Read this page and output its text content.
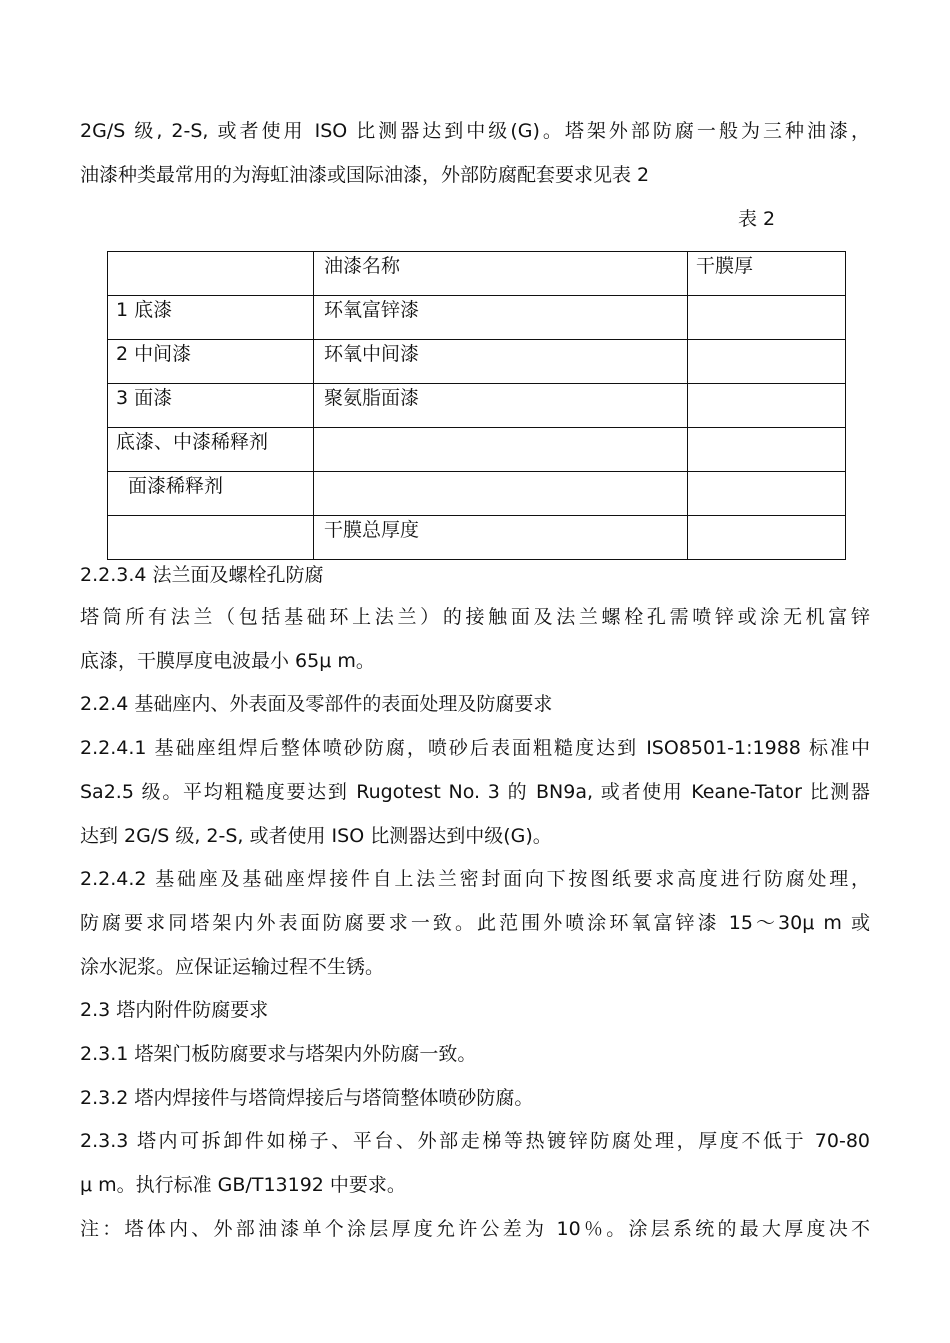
2G/S 级, 2-S, 或者使用 ISO 比测器达到中级(G)。塔架外部防腐一般为三种油漆，
油漆种类最常用的为海虹油漆或国际油漆，外部防腐配套要求见表 2
表 2
	油漆名称	干膜厚
1 底漆	环氧富锌漆	
2 中间漆	环氧中间漆	
3 面漆	聚氨脂面漆	
底漆、中漆稀释剂		
面漆稀释剂		
	干膜总厚度	
2.2.3.4 法兰面及螺栓孔防腐
塔筒所有法兰（包括基础环上法兰）的接触面及法兰螺栓孔需喷锌或涂无机富锌
底漆，干膜厚度电波最小 65μ m。
2.2.4 基础座内、外表面及零部件的表面处理及防腐要求
2.2.4.1 基础座组焊后整体喷砂防腐，喷砂后表面粗糙度达到 ISO8501-1:1988 标准中
Sa2.5 级。平均粗糙度要达到 Rugotest No. 3 的 BN9a, 或者使用 Keane-Tator 比测器
达到 2G/S 级, 2-S, 或者使用 ISO 比测器达到中级(G)。
2.2.4.2 基础座及基础座焊接件自上法兰密封面向下按图纸要求高度进行防腐处理，
防腐要求同塔架内外表面防腐要求一致。此范围外喷涂环氧富锌漆 15～30μ m 或
涂水泥浆。应保证运输过程不生锈。
2.3 塔内附件防腐要求
2.3.1 塔架门板防腐要求与塔架内外防腐一致。
2.3.2 塔内焊接件与塔筒焊接后与塔筒整体喷砂防腐。
2.3.3 塔内可拆卸件如梯子、平台、外部走梯等热镀锌防腐处理，厚度不低于 70-80
μ m。执行标准 GB/T13192 中要求。
注：塔体内、外部油漆单个涂层厚度允许公差为 10％。涂层系统的最大厚度决不
